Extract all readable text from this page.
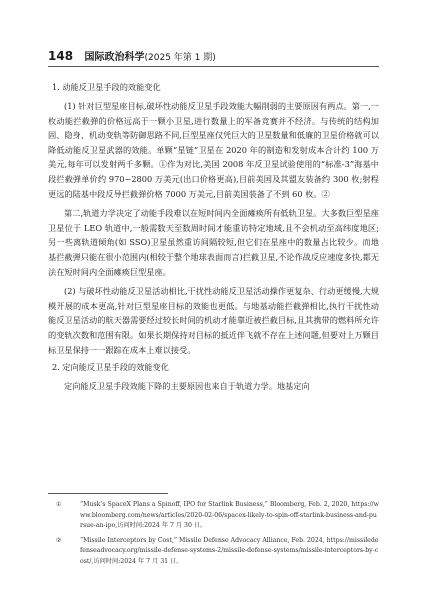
148 国际政治科学(2025 年第 1 期)
1. 动能反卫星手段的效能变化

(1) 针对巨型星座目标,破坏性动能反卫星手段效能大幅削弱的主要原因有两点。第一,一枚动能拦截弹的价格远高于一颗小卫星,进行数量上的军备竞赛并不经济。与传统的结构加固、隐身、机动变轨等防御思路不同,巨型星座仅凭巨大的卫星数量和低廉的卫星价格就可以降低动能反卫星武器的效能。单颗“星链”卫星在 2020 年的制造和发射成本合计约 100 万美元,每年可以发射两千多颗。①作为对比,美国 2008 年反卫星试验使用的“标准-3”海基中段拦截弹单价约 970~2800 万美元(出口价格更高),目前美国及其盟友装备约 300 枚;射程更远的陆基中段反导拦截弹价格 7000 万美元,目前美国装备了不到 60 枚。②

第二,轨道力学决定了动能手段难以在短时间内全面瘫痪所有低轨卫星。大多数巨型星座卫星位于 LEO 轨道中,一般需数天至数周时间才能重访特定地域,且不会机动至高纬度地区;另一些离轨道倾角(如 SSO)卫星虽然重访间隔较短,但它们在星座中的数量占比较少。而地基拦截弹只能在很小范围内(相较于整个地球表面而言)拦截卫星,不论作战反应速度多快,都无法在短时间内全面瘫痪巨型星座。

(2) 与破坏性动能反卫星活动相比,干扰性动能反卫星活动操作更复杂、行动更缓慢,大规模开展的成本更高,针对巨型星座目标的效能也更低。与地基动能拦截弹相比,执行干扰性动能反卫星活动的航天器需要经过较长时间的机动才能靠近被拦截目标,且其携带的燃料所允许的变轨次数和范围有限。如果长期保持对目标的抵近伴飞就不存在上述问题,但要对上万颗目标卫星保持一一跟踪在成本上难以接受。

2. 定向能反卫星手段的效能变化

定向能反卫星手段效能下降的主要原因也来自于轨道力学。地基定向

①	“Musk’s SpaceX Plans a Spinoff, IPO for Starlink Business,” Bloomberg, Feb. 2, 2020, https://www.bloomberg.com/news/articles/2020-02-06/spacex-likely-to-spin-off-starlink-business-and-pursue-an-ipo,访问时间:2024 年 7 月 30 日。
②	“Missile Interceptors by Cost,” Missile Defense Advocacy Alliance, Feb. 2024, https://missiledefenseadvocacy.org/missile-defense-systems-2/missile-defense-systems/missile-interceptors-by-cost/,访问时间:2024 年 7 月 31 日。
